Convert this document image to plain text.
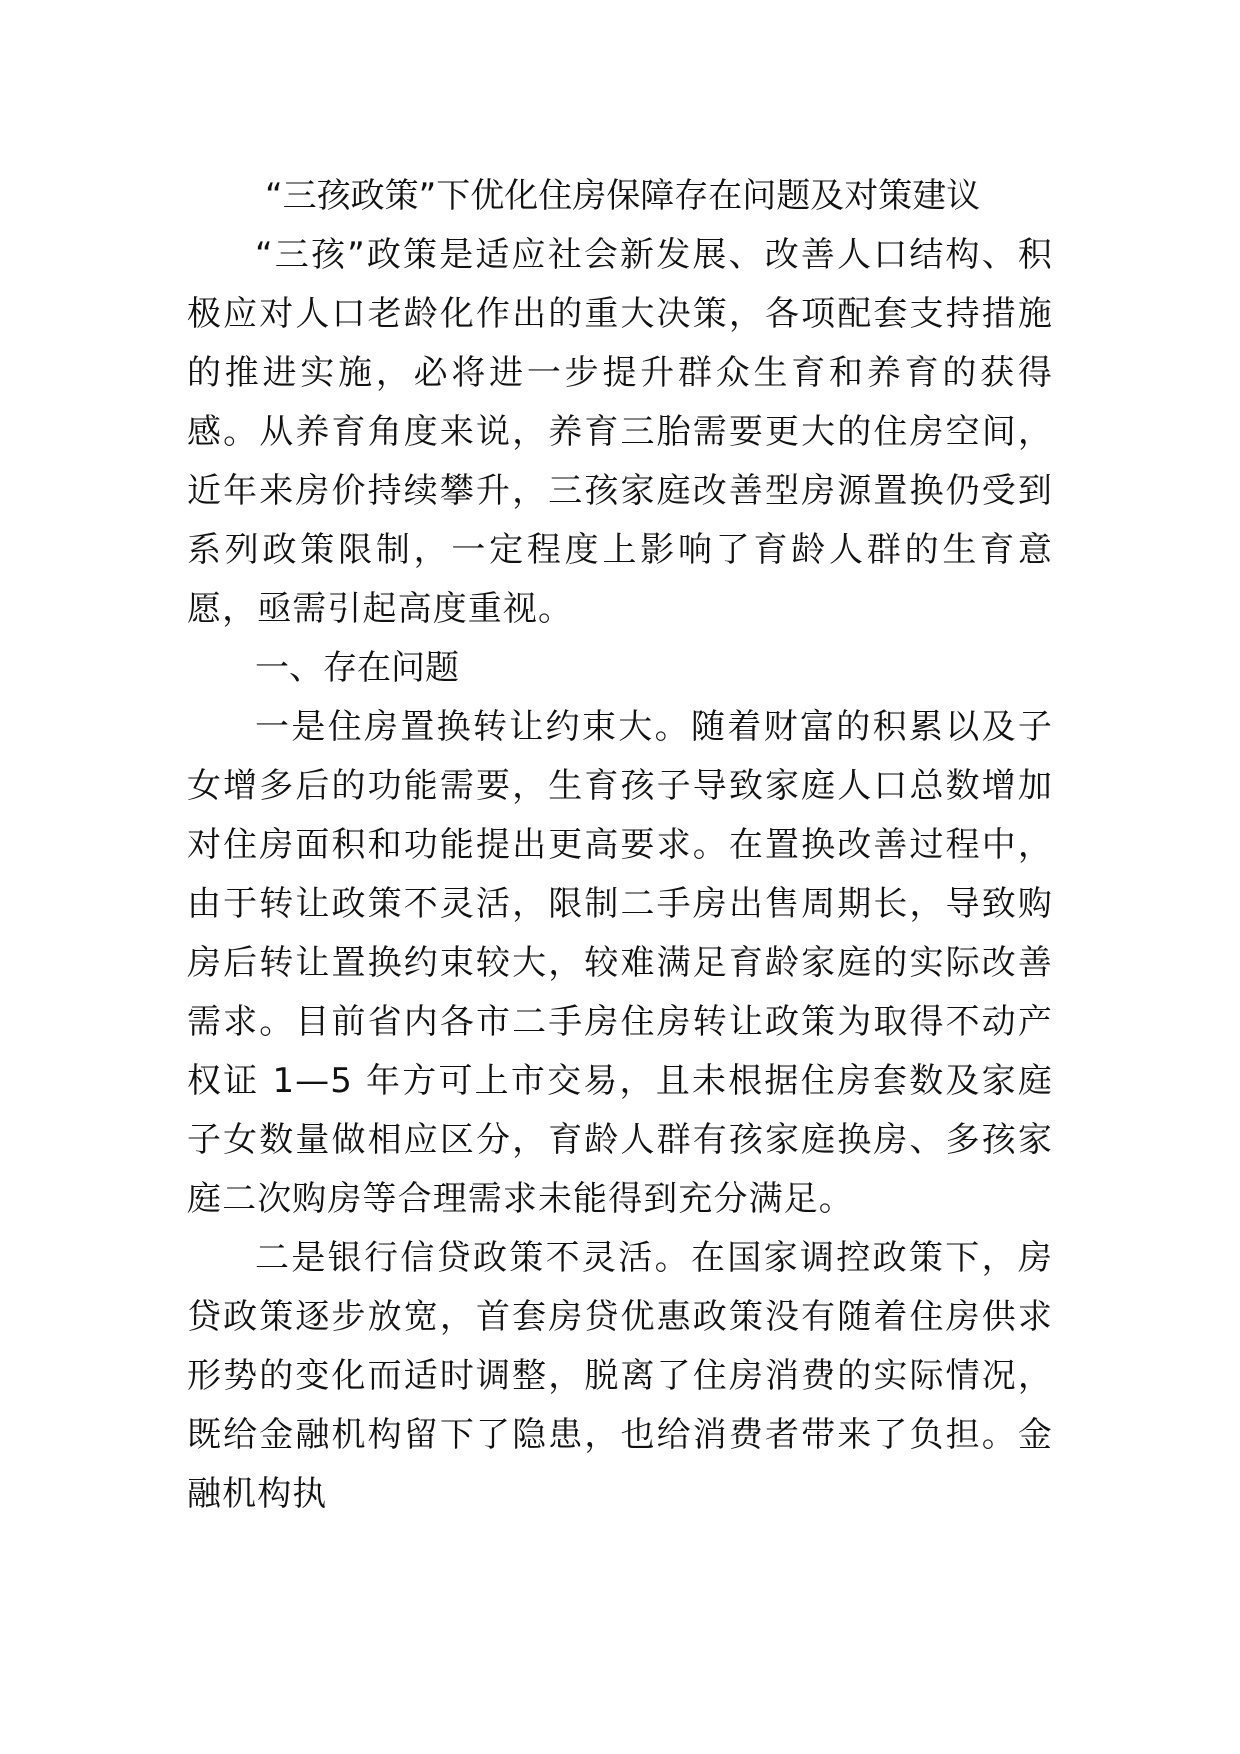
“三孩政策”下优化住房保障存在问题及对策建议

“三孩”政策是适应社会新发展、改善人口结构、积极应对人口老龄化作出的重大决策，各项配套支持措施的推进实施，必将进一步提升群众生育和养育的获得感。从养育角度来说，养育三胎需要更大的住房空间，近年来房价持续攀升，三孩家庭改善型房源置换仍受到系列政策限制，一定程度上影响了育龄人群的生育意愿，亟需引起高度重视。

一、存在问题

一是住房置换转让约束大。随着财富的积累以及子女增多后的功能需要，生育孩子导致家庭人口总数增加对住房面积和功能提出更高要求。在置换改善过程中，由于转让政策不灵活，限制二手房出售周期长，导致购房后转让置换约束较大，较难满足育龄家庭的实际改善需求。目前省内各市二手房住房转让政策为取得不动产权证 1—5 年方可上市交易，且未根据住房套数及家庭子女数量做相应区分，育龄人群有孩家庭换房、多孩家庭二次购房等合理需求未能得到充分满足。

二是银行信贷政策不灵活。在国家调控政策下，房贷政策逐步放宽，首套房贷优惠政策没有随着住房供求形势的变化而适时调整，脱离了住房消费的实际情况，既给金融机构留下了隐患，也给消费者带来了负担。金融机构执
